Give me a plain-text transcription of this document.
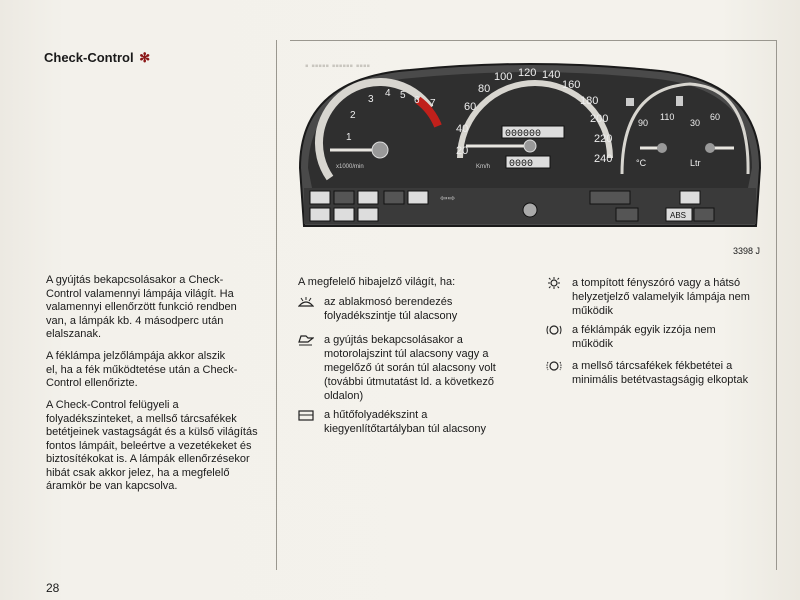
▪ ▪▪▪▪▪ ▪▪▪▪▪▪ ▪▪▪▪
Check-Control ✻
A gyújtás bekapcsolásakor a Check-
Control valamennyi lámpája világít. Ha
valamennyi ellenőrzött funkció rendben
van, a lámpák kb. 4 másodperc után
elalszanak.
A féklámpa jelzőlámpája akkor alszik
el, ha a fék működtetése után a Check-
Control ellenőrizte.
A Check-Control felügyeli a
folyadékszinteket, a mellső tárcsafékek
betétjeinek vastagságát és a külső világítás
fontos lámpáit, beleértve a vezetékeket és
biztosítékokat is. A lámpák ellenőrzésekor
hibát csak akkor jelez, ha a megfelelő
áramkör be van kapcsolva.
1
2
3
4 5 6 7
x1000/min
000000
0000
20
40
60
80
100 120 140
160
180
200
220
240
Km/h
90
110
30
60
°C	Ltr
⇦⇨
ABS
3398 J
A megfelelő hibajelző világít, ha:
az ablakmosó berendezés
folyadékszintje túl alacsony
a gyújtás bekapcsolásakor a
motorolajszint túl alacsony vagy a
megelőző út során túl alacsony volt
(további útmutatást ld. a következő
oldalon)
a hűtőfolyadékszint a
kiegyenlítőtartályban túl alacsony
a tompított fényszóró vagy a hátsó
helyzetjelző valamelyik lámpája nem
működik
a féklámpák egyik izzója nem
működik
a mellső tárcsafékek fékbetétei a
minimális betétvastagságig elkoptak
28
